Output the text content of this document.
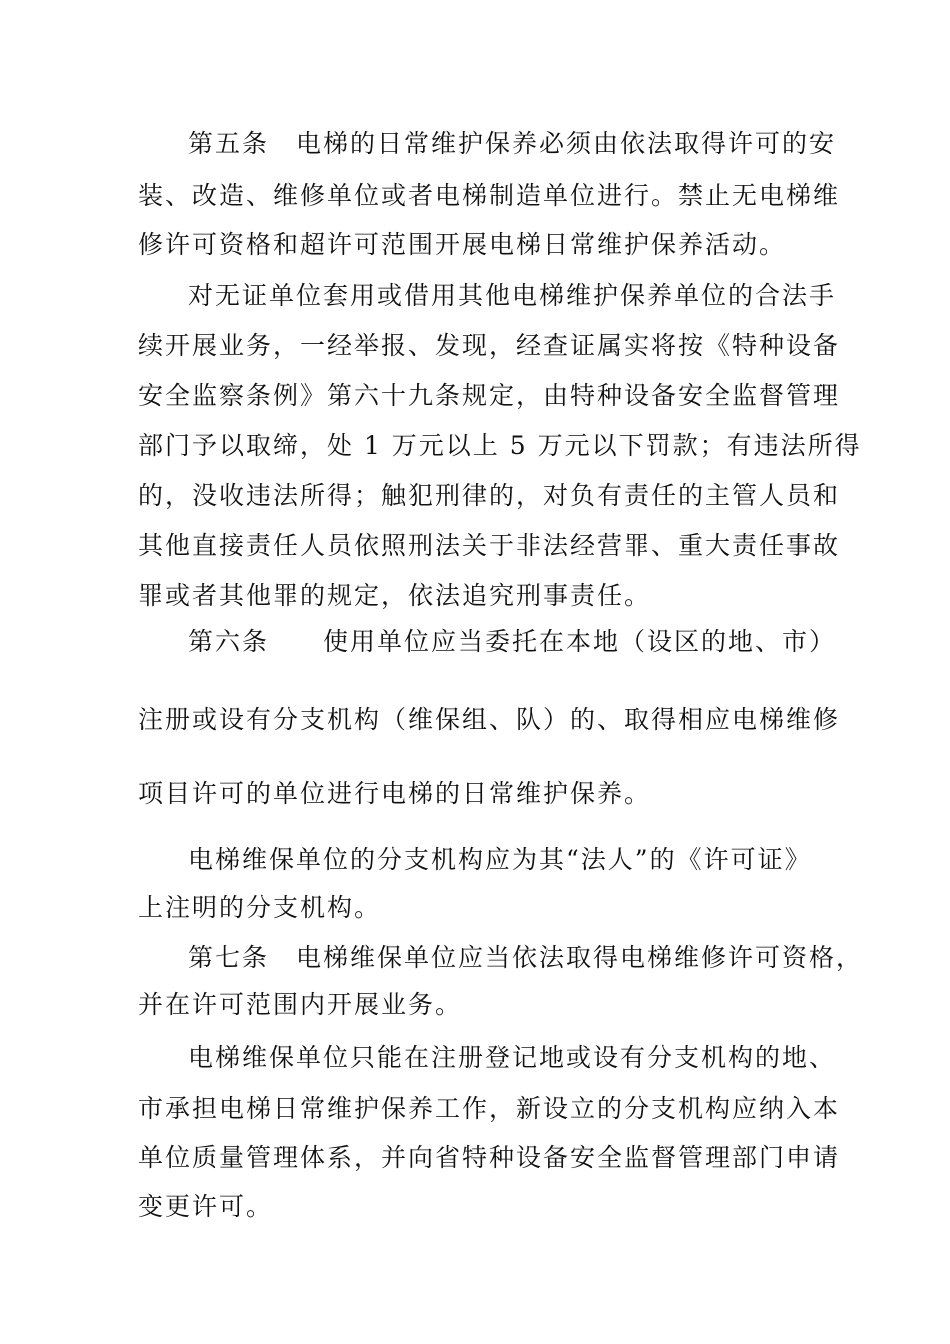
第五条　电梯的日常维护保养必须由依法取得许可的安

装、改造、维修单位或者电梯制造单位进行。禁止无电梯维

修许可资格和超许可范围开展电梯日常维护保养活动。

对无证单位套用或借用其他电梯维护保养单位的合法手

续开展业务，一经举报、发现，经查证属实将按《特种设备

安全监察条例》第六十九条规定，由特种设备安全监督管理

部门予以取缔，处 1 万元以上 5 万元以下罚款；有违法所得

的，没收违法所得；触犯刑律的，对负有责任的主管人员和

其他直接责任人员依照刑法关于非法经营罪、重大责任事故

罪或者其他罪的规定，依法追究刑事责任。

第六条　　使用单位应当委托在本地（设区的地、市）

注册或设有分支机构（维保组、队）的、取得相应电梯维修

项目许可的单位进行电梯的日常维护保养。

电梯维保单位的分支机构应为其“法人”的《许可证》

上注明的分支机构。

第七条　电梯维保单位应当依法取得电梯维修许可资格，

并在许可范围内开展业务。

电梯维保单位只能在注册登记地或设有分支机构的地、

市承担电梯日常维护保养工作，新设立的分支机构应纳入本

单位质量管理体系，并向省特种设备安全监督管理部门申请

变更许可。
